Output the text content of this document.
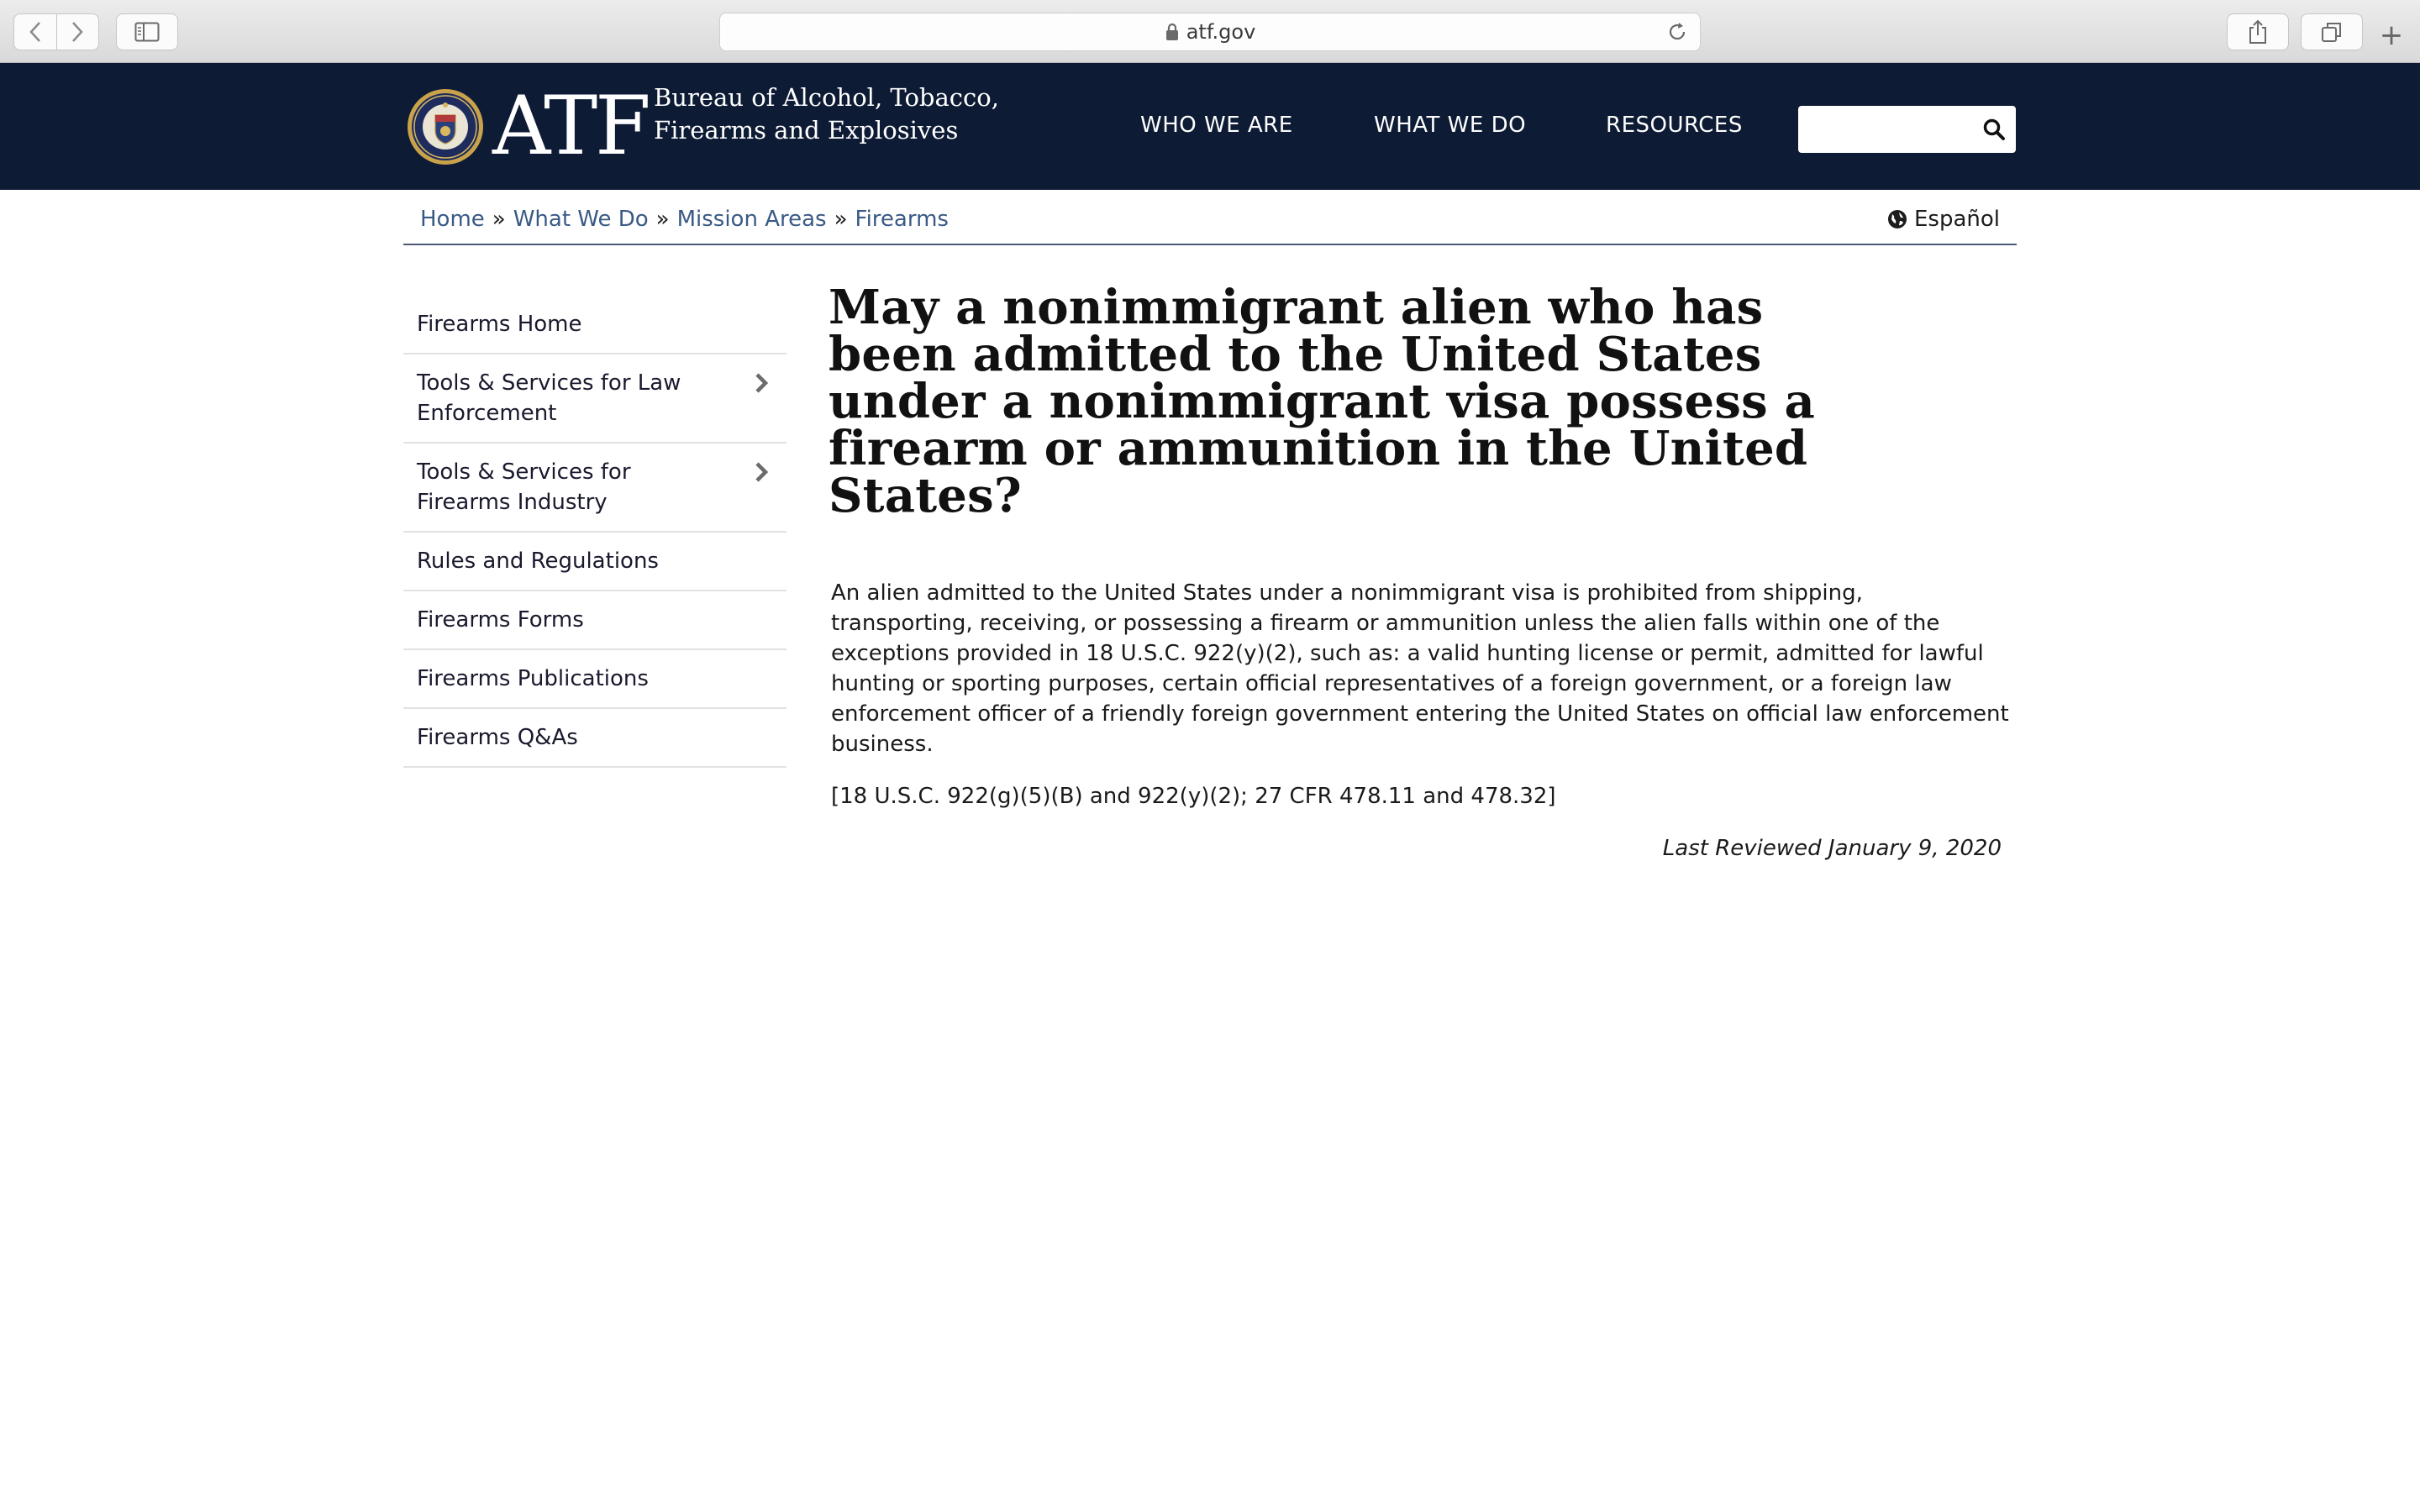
atf.gov	+
ATF Bureau of Alcohol, Tobacco, Firearms and Explosives	WHO WE ARE	WHAT WE DO	RESOURCES
Home » What We Do » Mission Areas » Firearms	Español
Firearms Home
Tools & Services for Law Enforcement
Tools & Services for Firearms Industry
Rules and Regulations
Firearms Forms
Firearms Publications
Firearms Q&As
May a nonimmigrant alien who has been admitted to the United States under a nonimmigrant visa possess a firearm or ammunition in the United States?

An alien admitted to the United States under a nonimmigrant visa is prohibited from shipping, transporting, receiving, or possessing a firearm or ammunition unless the alien falls within one of the exceptions provided in 18 U.S.C. 922(y)(2), such as: a valid hunting license or permit, admitted for lawful hunting or sporting purposes, certain official representatives of a foreign government, or a foreign law enforcement officer of a friendly foreign government entering the United States on official law enforcement business.

[18 U.S.C. 922(g)(5)(B) and 922(y)(2); 27 CFR 478.11 and 478.32]

Last Reviewed January 9, 2020
